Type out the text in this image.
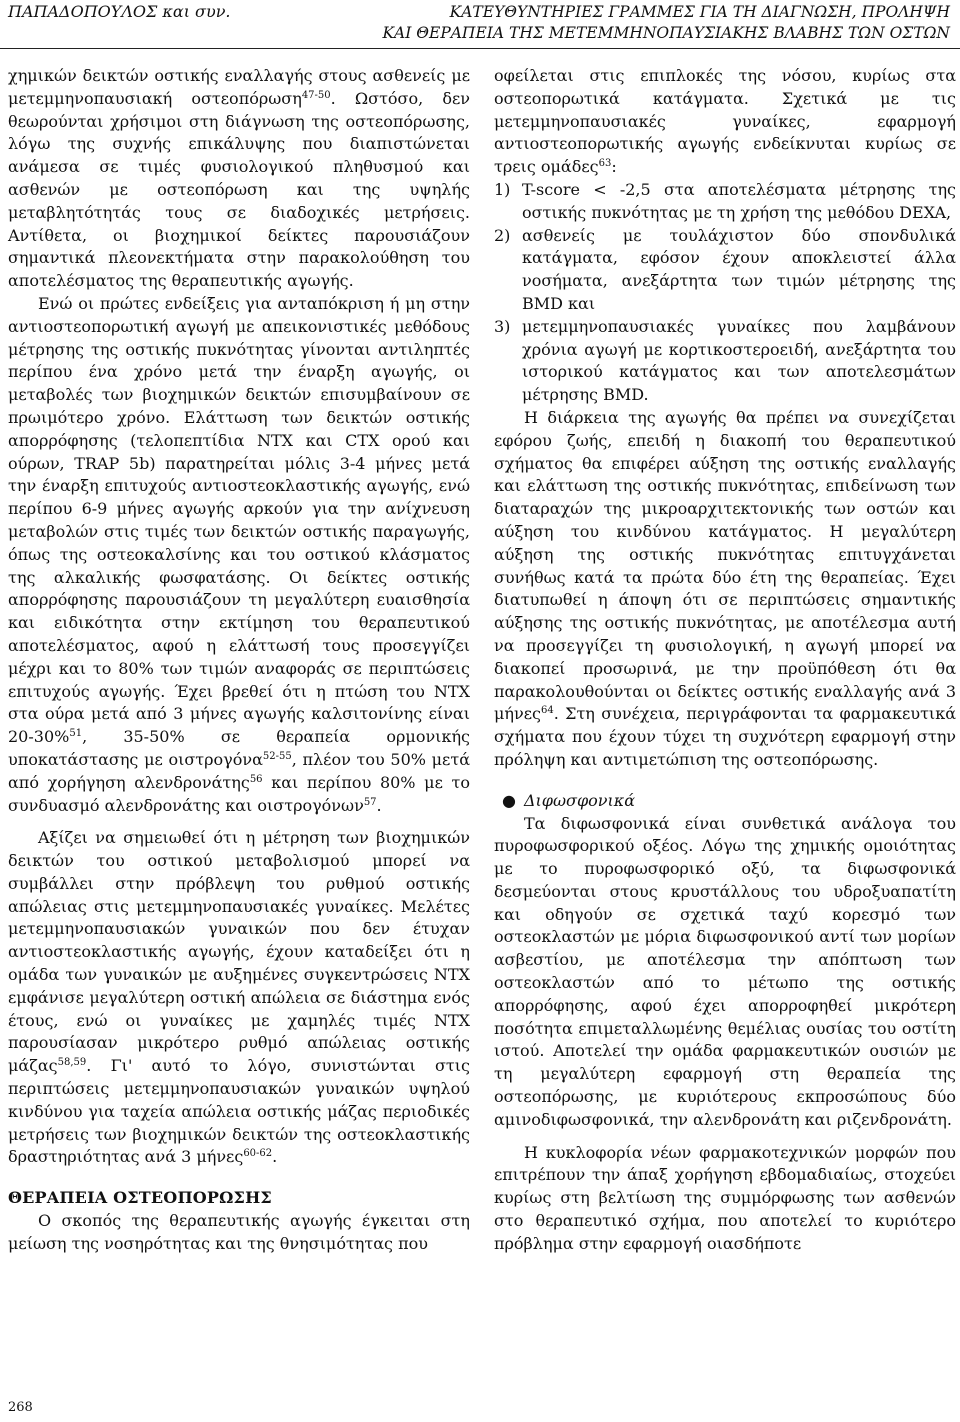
ΠΑΠΑΔΟΠΟΥΛΟΣ και συν.	ΚΑΤΕΥΘΥΝΤΗΡΙΕΣ ΓΡΑΜΜΕΣ ΓΙΑ ΤΗ ΔΙΑΓΝΩΣΗ, ΠΡΟΛΗΨΗ
ΚΑΙ ΘΕΡΑΠΕΙΑ ΤΗΣ ΜΕΤΕΜΜΗΝΟΠΑΥΣΙΑΚΗΣ ΒΛΑΒΗΣ ΤΩΝ ΟΣΤΩΝ

χημικών δεικτών οστικής εναλλαγής στους ασθενείς με μετεμμηνοπαυσιακή οστεοπόρωση$^{47-50}$. Ωστόσο, δεν θεωρούνται χρήσιμοι στη διάγνωση της οστεοπόρωσης, λόγω της συχνής επικάλυψης που διαπιστώνεται ανάμεσα σε τιμές φυσιολογικού πληθυσμού και ασθενών με οστεοπόρωση και της υψηλής μεταβλητότητάς τους σε διαδοχικές μετρήσεις. Αντίθετα, οι βιοχημικοί δείκτες παρουσιάζουν σημαντικά πλεονεκτήματα στην παρακολούθηση του αποτελέσματος της θεραπευτικής αγωγής.

Ενώ οι πρώτες ενδείξεις για ανταπόκριση ή μη στην αντιοστεοπορωτική αγωγή με απεικονιστικές μεθόδους μέτρησης της οστικής πυκνότητας γίνονται αντιληπτές περίπου ένα χρόνο μετά την έναρξη αγωγής, οι μεταβολές των βιοχημικών δεικτών επισυμβαίνουν σε πρωιμότερο χρόνο. Ελάττωση των δεικτών οστικής απορρόφησης (τελοπεπτίδια NTX και CTX ορού και ούρων, TRAP 5b) παρατηρείται μόλις 3-4 μήνες μετά την έναρξη επιτυχούς αντιοστεοκλαστικής αγωγής, ενώ περίπου 6-9 μήνες αγωγής αρκούν για την ανίχνευση μεταβολών στις τιμές των δεικτών οστικής παραγωγής, όπως της οστεοκαλσίνης και του οστικού κλάσματος της αλκαλικής φωσφατάσης. Οι δείκτες οστικής απορρόφησης παρουσιάζουν τη μεγαλύτερη ευαισθησία και ειδικότητα στην εκτίμηση του θεραπευτικού αποτελέσματος, αφού η ελάττωσή τους προσεγγίζει μέχρι και το 80% των τιμών αναφοράς σε περιπτώσεις επιτυχούς αγωγής. Έχει βρεθεί ότι η πτώση του NTX στα ούρα μετά από 3 μήνες αγωγής καλσιτονίνης είναι 20-30%$^{51}$, 35-50% σε θεραπεία ορμονικής υποκατάστασης με οιστρογόνα$^{52-55}$, πλέον του 50% μετά από χορήγηση αλενδρονάτης$^{56}$ και περίπου 80% με το συνδυασμό αλενδρονάτης και οιστρογόνων$^{57}$.

Αξίζει να σημειωθεί ότι η μέτρηση των βιοχημικών δεικτών του οστικού μεταβολισμού μπορεί να συμβάλλει στην πρόβλεψη του ρυθμού οστικής απώλειας στις μετεμμηνοπαυσιακές γυναίκες. Μελέτες μετεμμηνοπαυσιακών γυναικών που δεν έτυχαν αντιοστεοκλαστικής αγωγής, έχουν καταδείξει ότι η ομάδα των γυναικών με αυξημένες συγκεντρώσεις NTX εμφάνισε μεγαλύτερη οστική απώλεια σε διάστημα ενός έτους, ενώ οι γυναίκες με χαμηλές τιμές NTX παρουσίασαν μικρότερο ρυθμό απώλειας οστικής μάζας$^{58,59}$. Γι' αυτό το λόγο, συνιστώνται στις περιπτώσεις μετεμμηνοπαυσιακών γυναικών υψηλού κινδύνου για ταχεία απώλεια οστικής μάζας περιοδικές μετρήσεις των βιοχημικών δεικτών της οστεοκλαστικής δραστηριότητας ανά 3 μήνες$^{60-62}$.

ΘΕΡΑΠΕΙΑ ΟΣΤΕΟΠΟΡΩΣΗΣ

Ο σκοπός της θεραπευτικής αγωγής έγκειται στη μείωση της νοσηρότητας και της θνησιμότητας που

οφείλεται στις επιπλοκές της νόσου, κυρίως στα οστεοπορωτικά κατάγματα. Σχετικά με τις μετεμμηνοπαυσιακές γυναίκες, εφαρμογή αντιοστεοπορωτικής αγωγής ενδείκνυται κυρίως σε τρεις ομάδες$^{63}$:

1) T-score < -2,5 στα αποτελέσματα μέτρησης της οστικής πυκνότητας με τη χρήση της μεθόδου DEXA,
2) ασθενείς με τουλάχιστον δύο σπονδυλικά κατάγματα, εφόσον έχουν αποκλειστεί άλλα νοσήματα, ανεξάρτητα των τιμών μέτρησης της BMD και
3) μετεμμηνοπαυσιακές γυναίκες που λαμβάνουν χρόνια αγωγή με κορτικοστεροειδή, ανεξάρτητα του ιστορικού κατάγματος και των αποτελεσμάτων μέτρησης BMD.

Η διάρκεια της αγωγής θα πρέπει να συνεχίζεται εφόρου ζωής, επειδή η διακοπή του θεραπευτικού σχήματος θα επιφέρει αύξηση της οστικής εναλλαγής και ελάττωση της οστικής πυκνότητας, επιδείνωση των διαταραχών της μικροαρχιτεκτονικής των οστών και αύξηση του κινδύνου κατάγματος. Η μεγαλύτερη αύξηση της οστικής πυκνότητας επιτυγχάνεται συνήθως κατά τα πρώτα δύο έτη της θεραπείας. Έχει διατυπωθεί η άποψη ότι σε περιπτώσεις σημαντικής αύξησης της οστικής πυκνότητας, με αποτέλεσμα αυτή να προσεγγίζει τη φυσιολογική, η αγωγή μπορεί να διακοπεί προσωρινά, με την προϋπόθεση ότι θα παρακολουθούνται οι δείκτες οστικής εναλλαγής ανά 3 μήνες$^{64}$. Στη συνέχεια, περιγράφονται τα φαρμακευτικά σχήματα που έχουν τύχει τη συχνότερη εφαρμογή στην πρόληψη και αντιμετώπιση της οστεοπόρωσης.

● Διφωσφονικά

Τα διφωσφονικά είναι συνθετικά ανάλογα του πυροφωσφορικού οξέος. Λόγω της χημικής ομοιότητας με το πυροφωσφορικό οξύ, τα διφωσφονικά δεσμεύονται στους κρυστάλλους του υδροξυαπατίτη και οδηγούν σε σχετικά ταχύ κορεσμό των οστεοκλαστών με μόρια διφωσφονικού αντί των μορίων ασβεστίου, με αποτέλεσμα την απόπτωση των οστεοκλαστών από το μέτωπο της οστικής απορρόφησης, αφού έχει απορροφηθεί μικρότερη ποσότητα επιμεταλλωμένης θεμέλιας ουσίας του οστίτη ιστού. Αποτελεί την ομάδα φαρμακευτικών ουσιών με τη μεγαλύτερη εφαρμογή στη θεραπεία της οστεοπόρωσης, με κυριότερους εκπροσώπους δύο αμινοδιφωσφονικά, την αλενδρονάτη και ριζενδρονάτη.

Η κυκλοφορία νέων φαρμακοτεχνικών μορφών που επιτρέπουν την άπαξ χορήγηση εβδομαδιαίως, στοχεύει κυρίως στη βελτίωση της συμμόρφωσης των ασθενών στο θεραπευτικό σχήμα, που αποτελεί το κυριότερο πρόβλημα στην εφαρμογή οιασδήποτε

268
